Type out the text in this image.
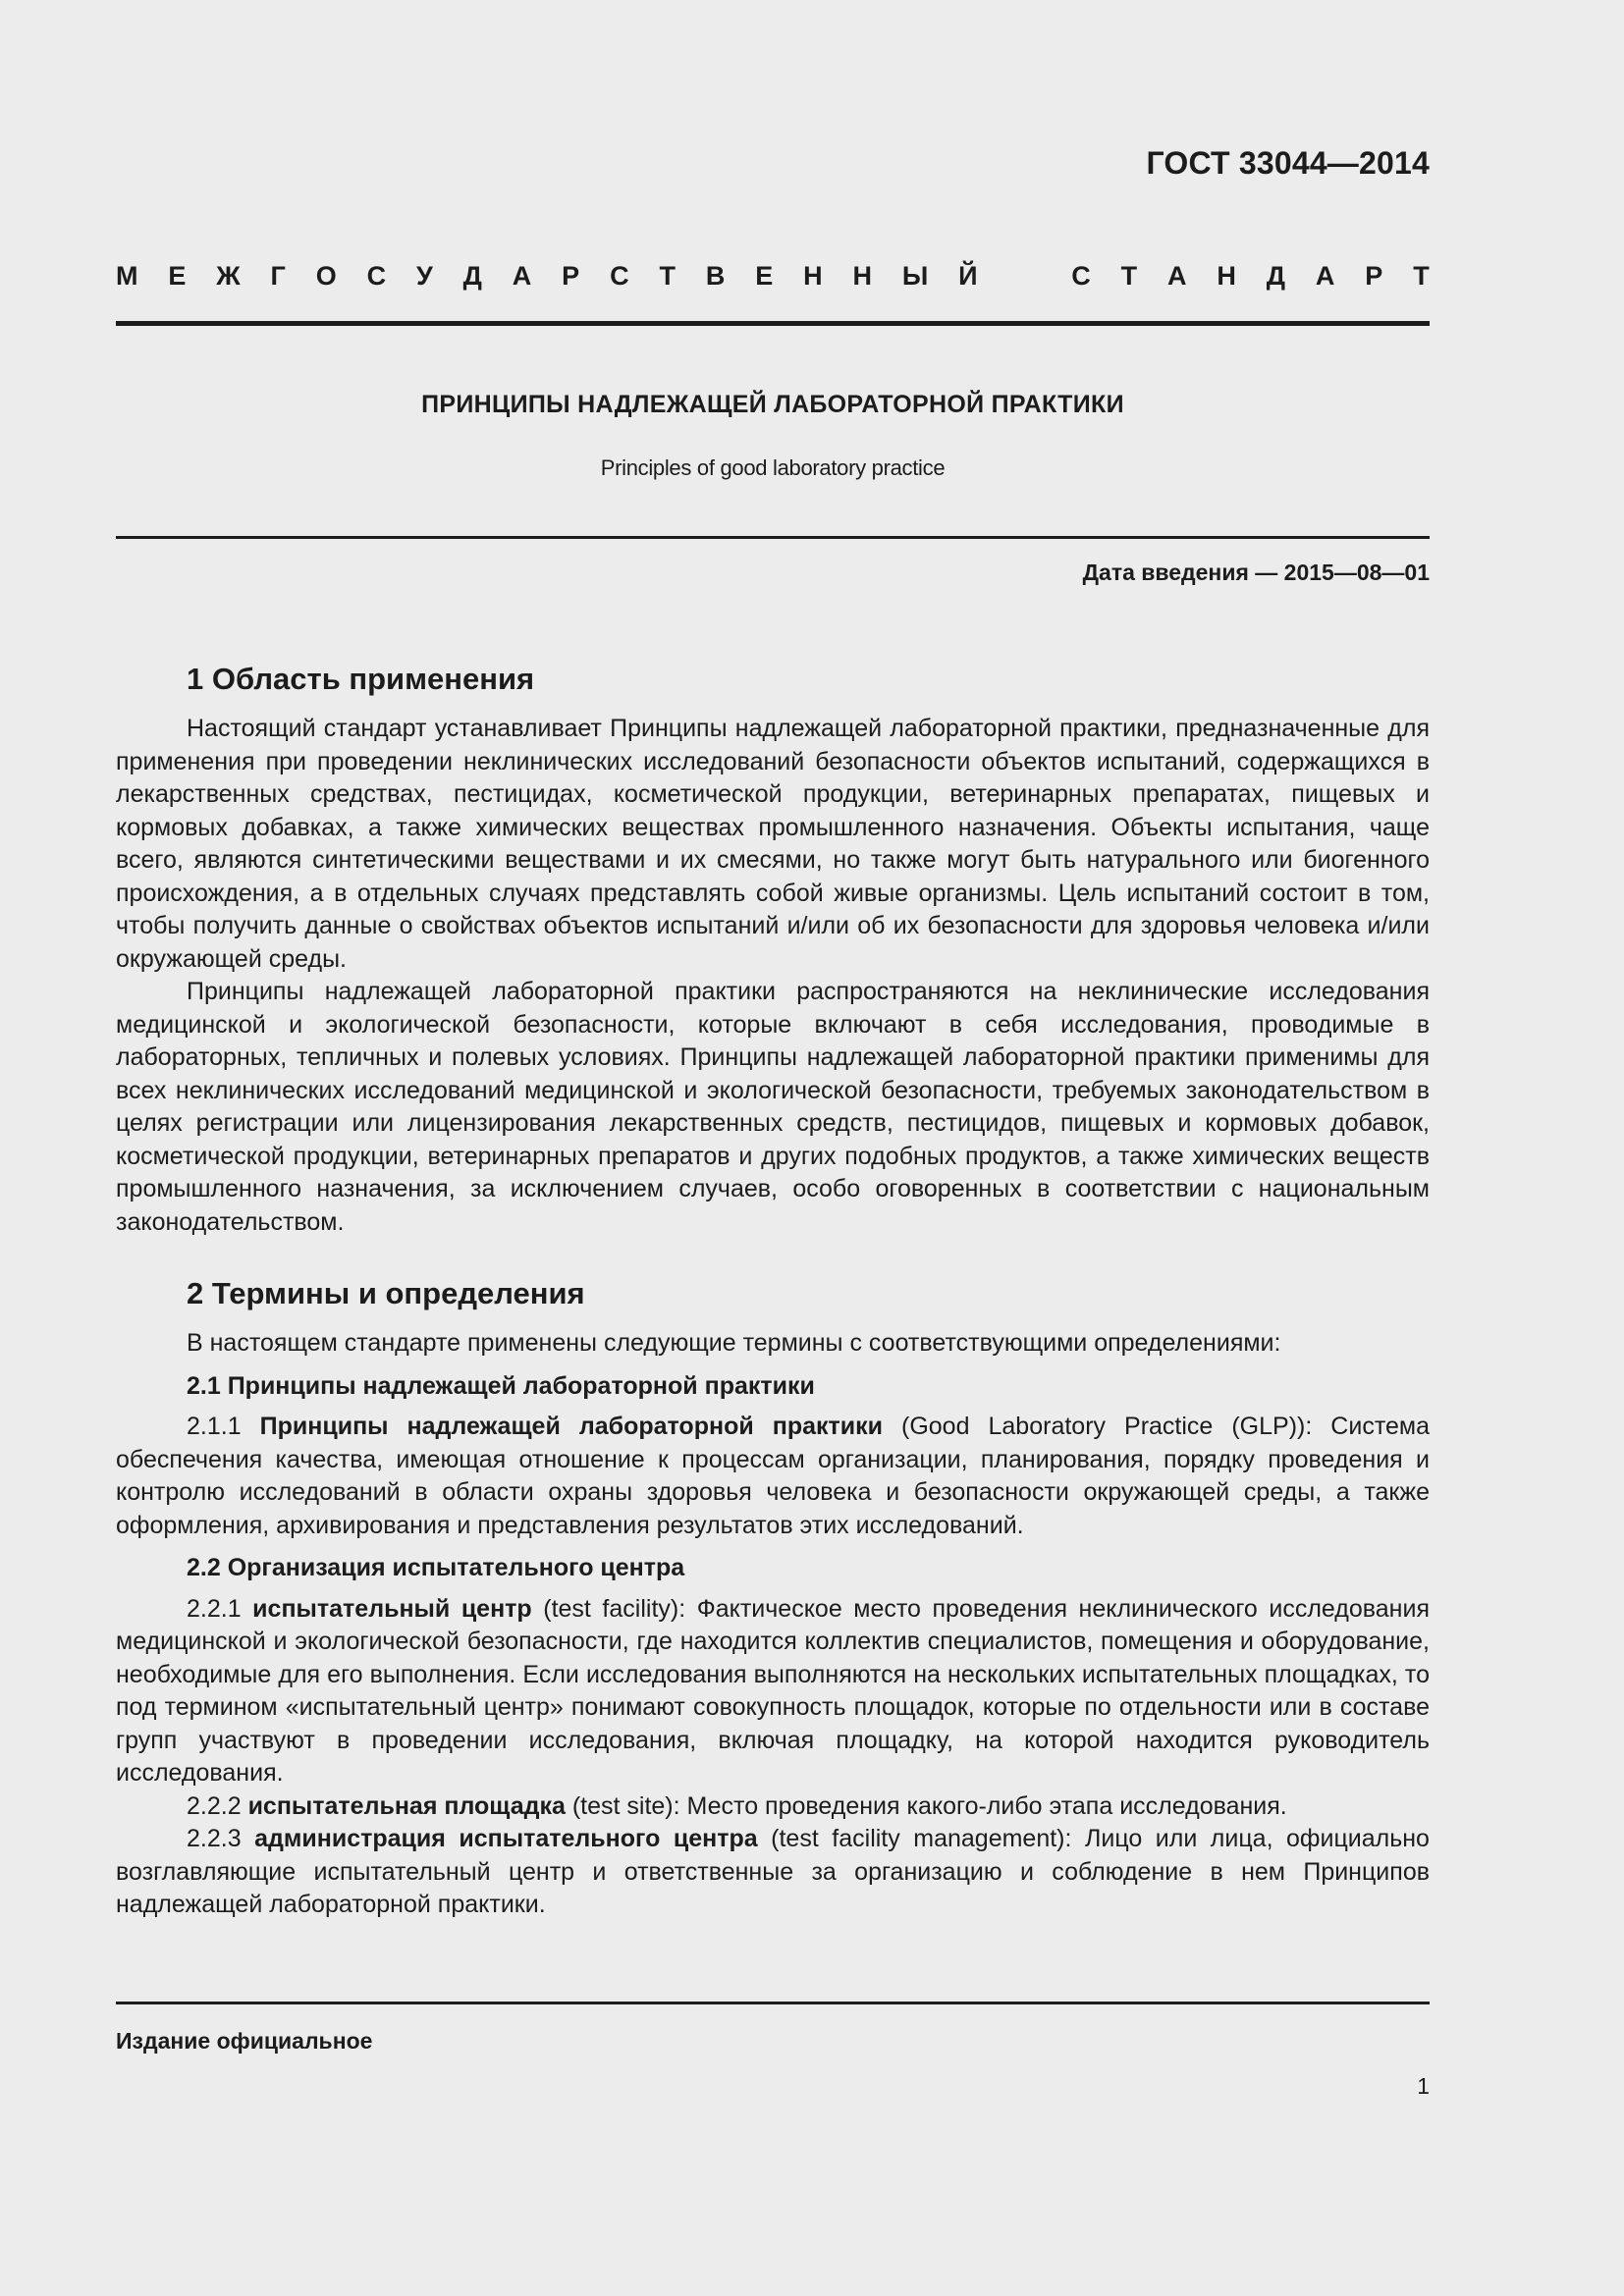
ГОСТ 33044—2014
М Е Ж Г О С У Д А Р С Т В Е Н Н Ы Й	С Т А Н Д А Р Т
ПРИНЦИПЫ НАДЛЕЖАЩЕЙ ЛАБОРАТОРНОЙ ПРАКТИКИ
Principles of good laboratory practice
Дата введения — 2015—08—01
1 Область применения

Настоящий стандарт устанавливает Принципы надлежащей лабораторной практики, предназначенные для применения при проведении неклинических исследований безопасности объектов испытаний, содержащихся в лекарственных средствах, пестицидах, косметической продукции, ветеринарных препаратах, пищевых и кормовых добавках, а также химических веществах промышленного назначения. Объекты испытания, чаще всего, являются синтетическими веществами и их смесями, но также могут быть натурального или биогенного происхождения, а в отдельных случаях представлять собой живые организмы. Цель испытаний состоит в том, чтобы получить данные о свойствах объектов испытаний и/или об их безопасности для здоровья человека и/или окружающей среды.

Принципы надлежащей лабораторной практики распространяются на неклинические исследования медицинской и экологической безопасности, которые включают в себя исследования, проводимые в лабораторных, тепличных и полевых условиях. Принципы надлежащей лабораторной практики применимы для всех неклинических исследований медицинской и экологической безопасности, требуемых законодательством в целях регистрации или лицензирования лекарственных средств, пестицидов, пищевых и кормовых добавок, косметической продукции, ветеринарных препаратов и других подобных продуктов, а также химических веществ промышленного назначения, за исключением случаев, особо оговоренных в соответствии с национальным законодательством.

2 Термины и определения

В настоящем стандарте применены следующие термины с соответствующими определениями:

2.1 Принципы надлежащей лабораторной практики

2.1.1 Принципы надлежащей лабораторной практики (Good Laboratory Practice (GLP)): Система обеспечения качества, имеющая отношение к процессам организации, планирования, порядку проведения и контролю исследований в области охраны здоровья человека и безопасности окружающей среды, а также оформления, архивирования и представления результатов этих исследований.

2.2 Организация испытательного центра

2.2.1 испытательный центр (test facility): Фактическое место проведения неклинического исследования медицинской и экологической безопасности, где находится коллектив специалистов, помещения и оборудование, необходимые для его выполнения. Если исследования выполняются на нескольких испытательных площадках, то под термином «испытательный центр» понимают совокупность площадок, которые по отдельности или в составе групп участвуют в проведении исследования, включая площадку, на которой находится руководитель исследования.

2.2.2 испытательная площадка (test site): Место проведения какого-либо этапа исследования.

2.2.3 администрация испытательного центра (test facility management): Лицо или лица, официально возглавляющие испытательный центр и ответственные за организацию и соблюдение в нем Принципов надлежащей лабораторной практики.

Издание официальное
1
